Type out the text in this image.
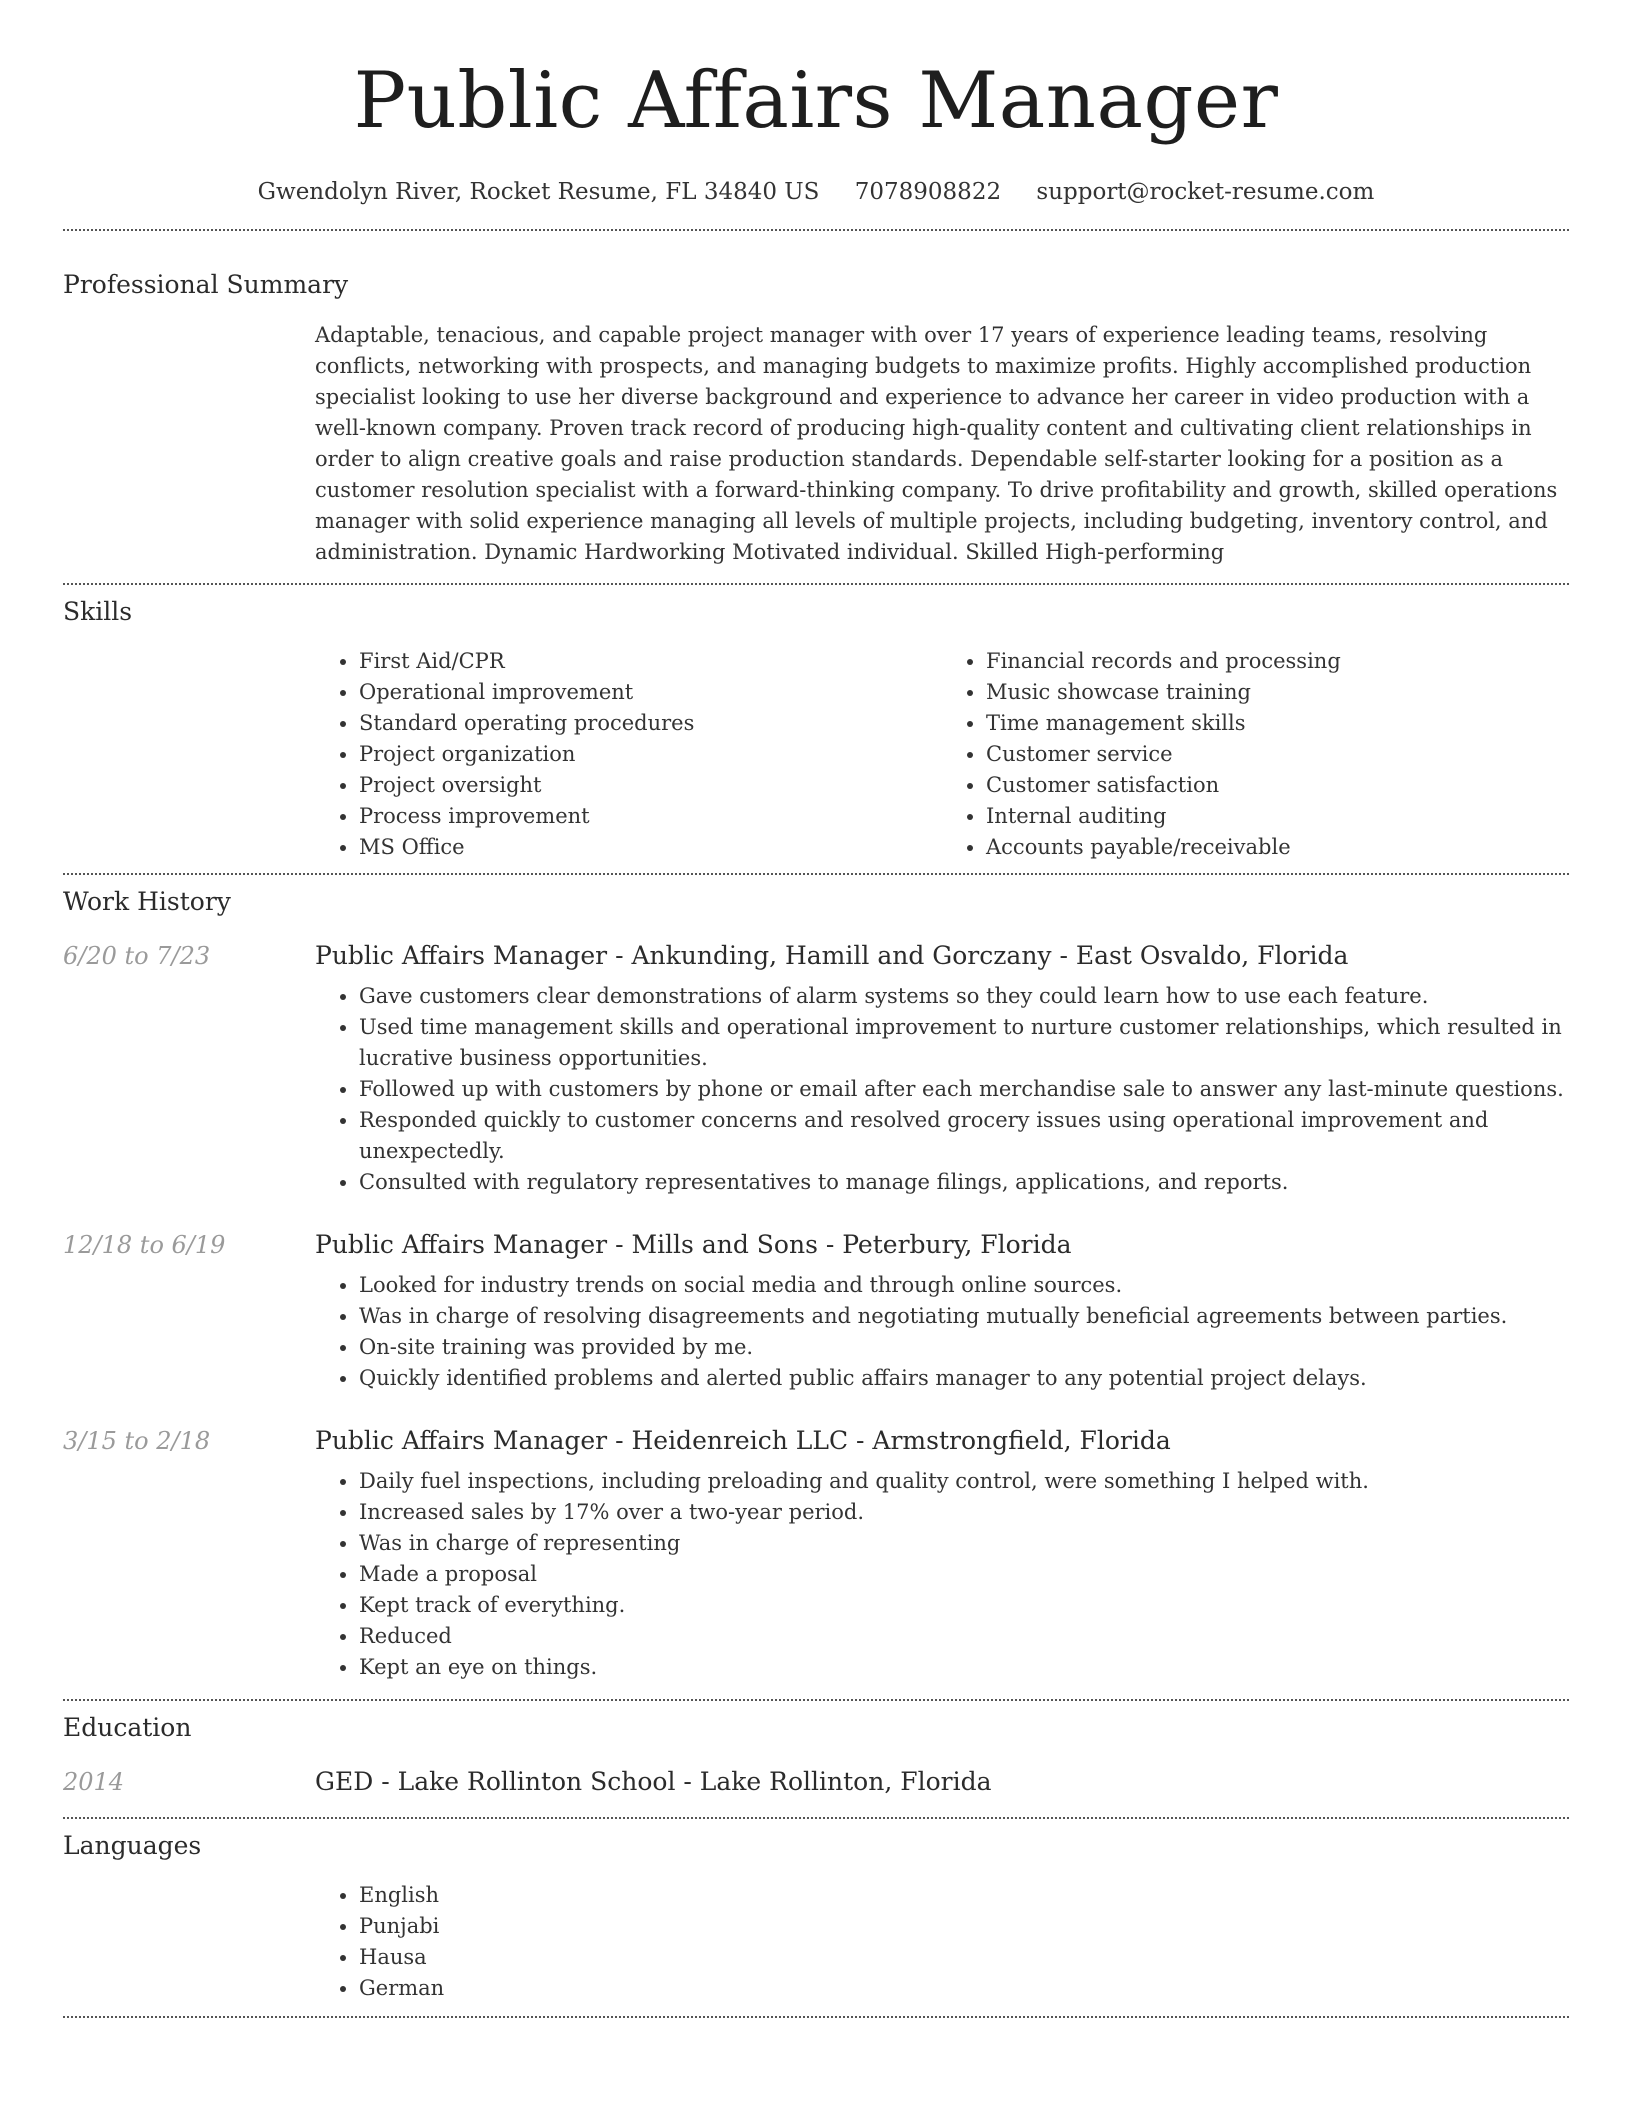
Public Affairs Manager
Gwendolyn River, Rocket Resume, FL 34840 US 7078908822 support@rocket-resume.com
Professional Summary
Adaptable, tenacious, and capable project manager with over 17 years of experience leading teams, resolving conflicts, networking with prospects, and managing budgets to maximize profits. Highly accomplished production specialist looking to use her diverse background and experience to advance her career in video production with a well-known company. Proven track record of producing high-quality content and cultivating client relationships in order to align creative goals and raise production standards. Dependable self-starter looking for a position as a customer resolution specialist with a forward-thinking company. To drive profitability and growth, skilled operations manager with solid experience managing all levels of multiple projects, including budgeting, inventory control, and administration. Dynamic Hardworking Motivated individual. Skilled High-performing
Skills
• First Aid/CPR
• Operational improvement
• Standard operating procedures
• Project organization
• Project oversight
• Process improvement
• MS Office
• Financial records and processing
• Music showcase training
• Time management skills
• Customer service
• Customer satisfaction
• Internal auditing
• Accounts payable/receivable
Work History
6/20 to 7/23	Public Affairs Manager - Ankunding, Hamill and Gorczany - East Osvaldo, Florida
• Gave customers clear demonstrations of alarm systems so they could learn how to use each feature.
• Used time management skills and operational improvement to nurture customer relationships, which resulted in lucrative business opportunities.
• Followed up with customers by phone or email after each merchandise sale to answer any last-minute questions.
• Responded quickly to customer concerns and resolved grocery issues using operational improvement and unexpectedly.
• Consulted with regulatory representatives to manage filings, applications, and reports.
12/18 to 6/19	Public Affairs Manager - Mills and Sons - Peterbury, Florida
• Looked for industry trends on social media and through online sources.
• Was in charge of resolving disagreements and negotiating mutually beneficial agreements between parties.
• On-site training was provided by me.
• Quickly identified problems and alerted public affairs manager to any potential project delays.
3/15 to 2/18	Public Affairs Manager - Heidenreich LLC - Armstrongfield, Florida
• Daily fuel inspections, including preloading and quality control, were something I helped with.
• Increased sales by 17% over a two-year period.
• Was in charge of representing
• Made a proposal
• Kept track of everything.
• Reduced
• Kept an eye on things.
Education
2014	GED - Lake Rollinton School - Lake Rollinton, Florida
Languages
• English
• Punjabi
• Hausa
• German
